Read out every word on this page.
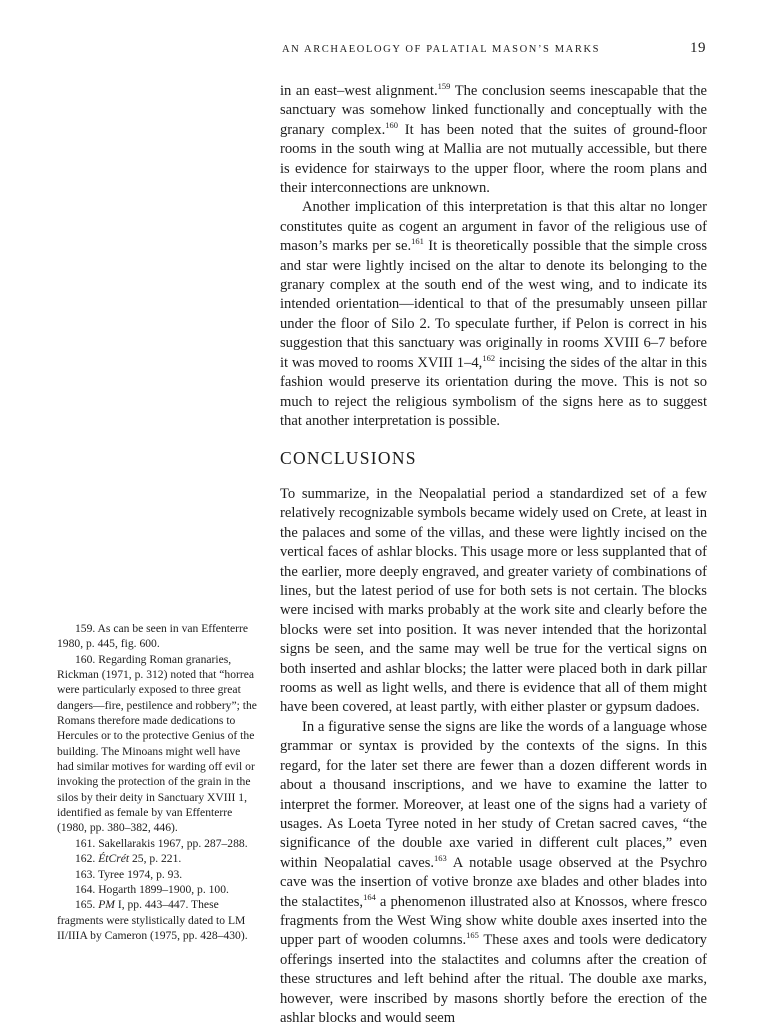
AN ARCHAEOLOGY OF PALATIAL MASON’S MARKS	19

in an east–west alignment.$^{159}$ The conclusion seems inescapable that the sanctuary was somehow linked functionally and conceptually with the granary complex.$^{160}$ It has been noted that the suites of ground-floor rooms in the south wing at Mallia are not mutually accessible, but there is evidence for stairways to the upper floor, where the room plans and their interconnections are unknown.

Another implication of this interpretation is that this altar no longer constitutes quite as cogent an argument in favor of the religious use of mason’s marks per se.$^{161}$ It is theoretically possible that the simple cross and star were lightly incised on the altar to denote its belonging to the granary complex at the south end of the west wing, and to indicate its intended orientation—identical to that of the presumably unseen pillar under the floor of Silo 2. To speculate further, if Pelon is correct in his suggestion that this sanctuary was originally in rooms XVIII 6–7 before it was moved to rooms XVIII 1–4,$^{162}$ incising the sides of the altar in this fashion would preserve its orientation during the move. This is not so much to reject the religious symbolism of the signs here as to suggest that another interpretation is possible.

CONCLUSIONS

To summarize, in the Neopalatial period a standardized set of a few relatively recognizable symbols became widely used on Crete, at least in the palaces and some of the villas, and these were lightly incised on the vertical faces of ashlar blocks. This usage more or less supplanted that of the earlier, more deeply engraved, and greater variety of combinations of lines, but the latest period of use for both sets is not certain. The blocks were incised with marks probably at the work site and clearly before the blocks were set into position. It was never intended that the horizontal signs be seen, and the same may well be true for the vertical signs on both inserted and ashlar blocks; the latter were placed both in dark pillar rooms as well as light wells, and there is evidence that all of them might have been covered, at least partly, with either plaster or gypsum dadoes.

In a figurative sense the signs are like the words of a language whose grammar or syntax is provided by the contexts of the signs. In this regard, for the later set there are fewer than a dozen different words in about a thousand inscriptions, and we have to examine the latter to interpret the former. Moreover, at least one of the signs had a variety of usages. As Loeta Tyree noted in her study of Cretan sacred caves, “the significance of the double axe varied in different cult places,” even within Neopalatial caves.$^{163}$ A notable usage observed at the Psychro cave was the insertion of votive bronze axe blades and other blades into the stalactites,$^{164}$ a phenomenon illustrated also at Knossos, where fresco fragments from the West Wing show white double axes inserted into the upper part of wooden columns.$^{165}$ These axes and tools were dedicatory offerings inserted into the stalactites and columns after the creation of these structures and left behind after the ritual. The double axe marks, however, were inscribed by masons shortly before the erection of the ashlar blocks and would seem

159. As can be seen in van Effenterre 1980, p. 445, fig. 600.

160. Regarding Roman granaries, Rickman (1971, p. 312) noted that “horrea were particularly exposed to three great dangers—fire, pestilence and robbery”; the Romans therefore made dedications to Hercules or to the protective Genius of the building. The Minoans might well have had similar motives for warding off evil or invoking the protection of the grain in the silos by their deity in Sanctuary XVIII 1, identified as female by van Effenterre (1980, pp. 380–382, 446).

161. Sakellarakis 1967, pp. 287–288.

162. ÉtCrét 25, p. 221.

163. Tyree 1974, p. 93.

164. Hogarth 1899–1900, p. 100.

165. PM I, pp. 443–447. These fragments were stylistically dated to LM II/IIIA by Cameron (1975, pp. 428–430).
